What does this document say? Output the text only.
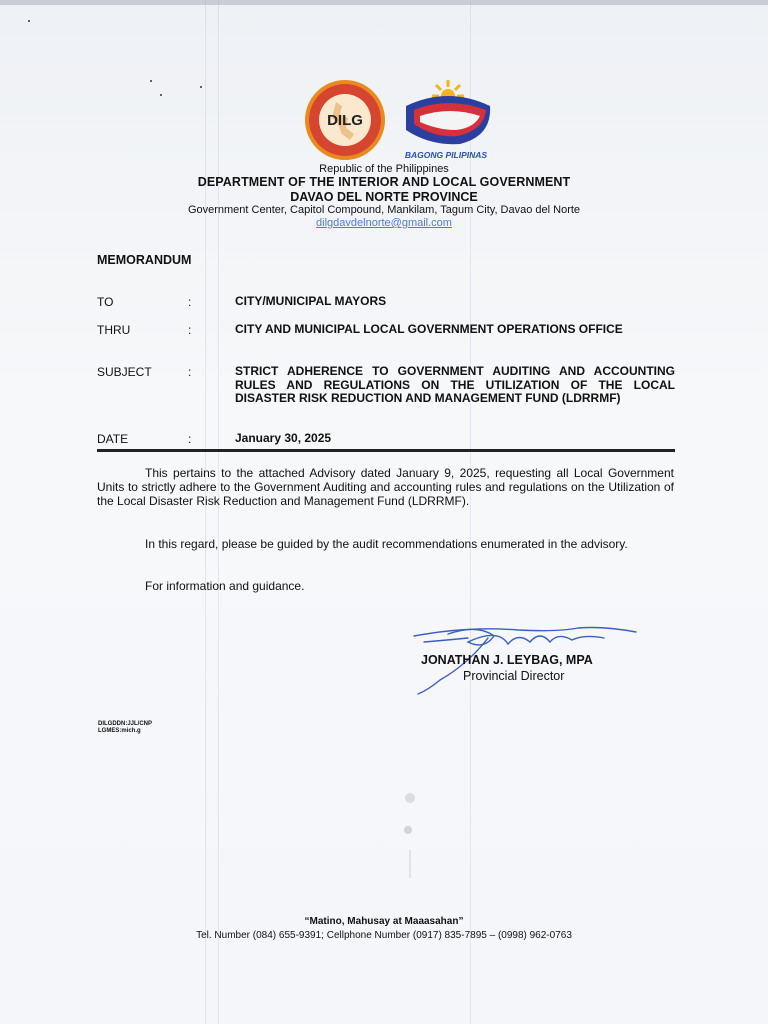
DILG
BAGONG PILIPINAS
Republic of the Philippines
DEPARTMENT OF THE INTERIOR AND LOCAL GOVERNMENT
DAVAO DEL NORTE PROVINCE
Government Center, Capitol Compound, Mankilam, Tagum City, Davao del Norte
dilgdavdelnorte@gmail.com
MEMORANDUM
TO	:	CITY/MUNICIPAL MAYORS
THRU	:	CITY AND MUNICIPAL LOCAL GOVERNMENT OPERATIONS OFFICE
SUBJECT	:	STRICT ADHERENCE TO GOVERNMENT AUDITING AND ACCOUNTING RULES AND REGULATIONS ON THE UTILIZATION OF THE LOCAL DISASTER RISK REDUCTION AND MANAGEMENT FUND (LDRRMF)
DATE	:	January 30, 2025
This pertains to the attached Advisory dated January 9, 2025, requesting all Local Government Units to strictly adhere to the Government Auditing and accounting rules and regulations on the Utilization of the Local Disaster Risk Reduction and Management Fund (LDRRMF).
In this regard, please be guided by the audit recommendations enumerated in the advisory.
For information and guidance.
JONATHAN J. LEYBAG, MPA
Provincial Director
DILGDDN:JJL/CNP
LGMES:mich.g
“Matino, Mahusay at Maaasahan”
Tel. Number (084) 655-9391; Cellphone Number (0917) 835-7895 – (0998) 962-0763
